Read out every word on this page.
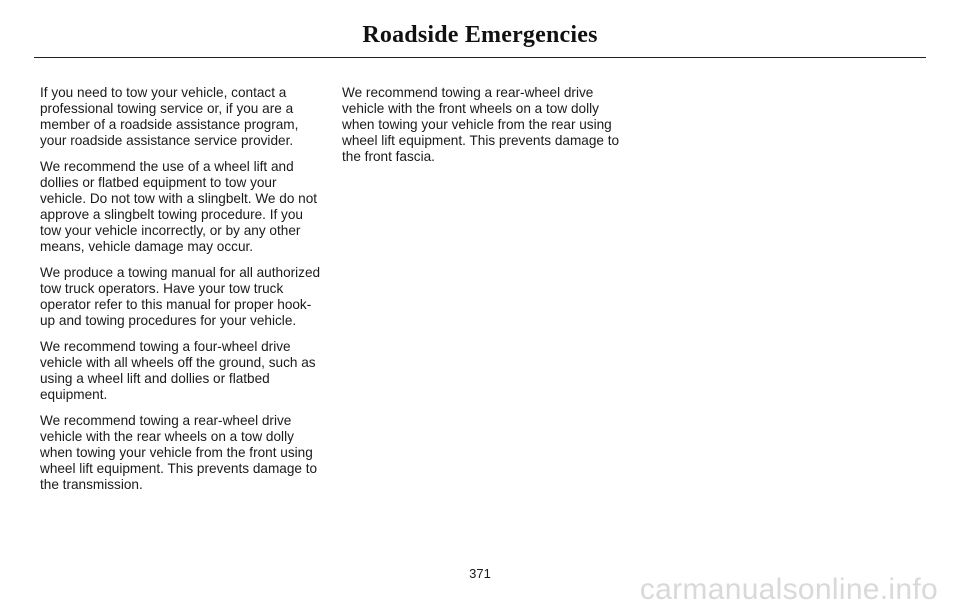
Roadside Emergencies

If you need to tow your vehicle, contact a professional towing service or, if you are a member of a roadside assistance program, your roadside assistance service provider.

We recommend the use of a wheel lift and dollies or flatbed equipment to tow your vehicle. Do not tow with a slingbelt. We do not approve a slingbelt towing procedure. If you tow your vehicle incorrectly, or by any other means, vehicle damage may occur.

We produce a towing manual for all authorized tow truck operators. Have your tow truck operator refer to this manual for proper hook-up and towing procedures for your vehicle.

We recommend towing a four-wheel drive vehicle with all wheels off the ground, such as using a wheel lift and dollies or flatbed equipment.

We recommend towing a rear-wheel drive vehicle with the rear wheels on a tow dolly when towing your vehicle from the front using wheel lift equipment. This prevents damage to the transmission.

We recommend towing a rear-wheel drive vehicle with the front wheels on a tow dolly when towing your vehicle from the rear using wheel lift equipment. This prevents damage to the front fascia.

371	carmanualsonline.info
